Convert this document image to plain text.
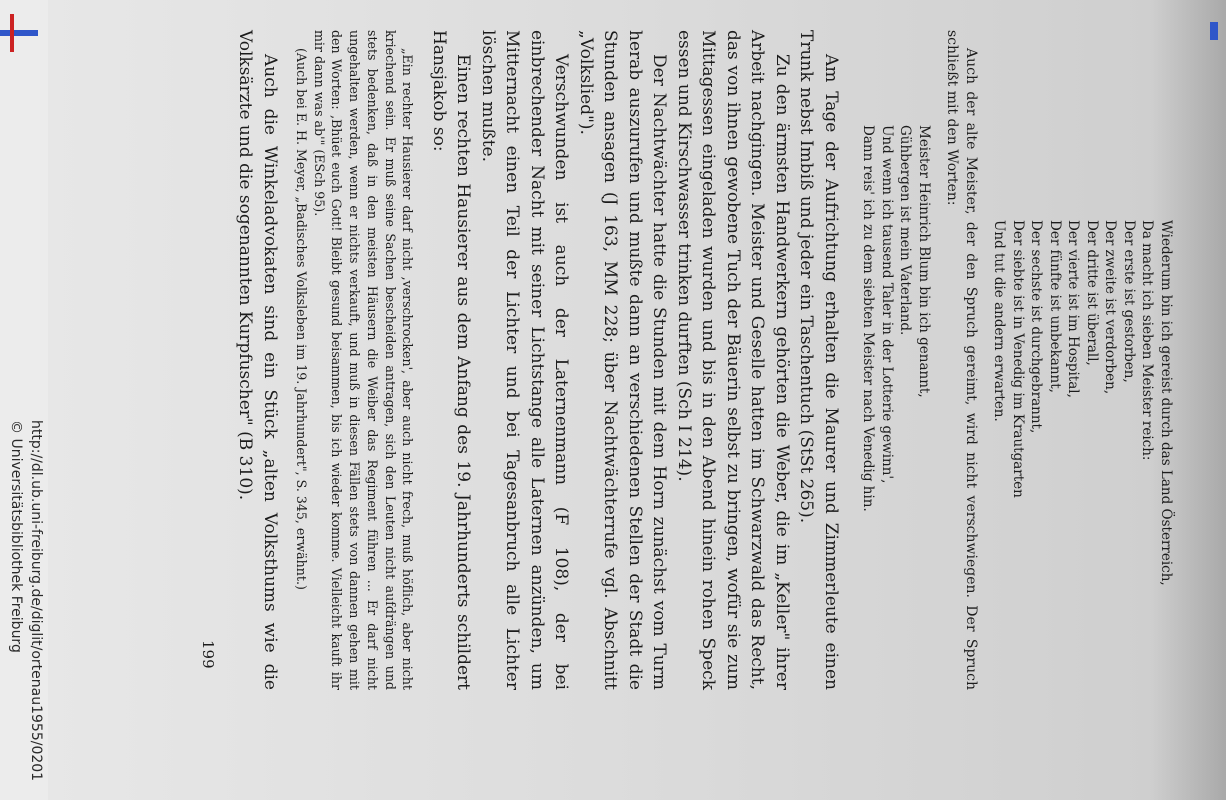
http://dl.ub.uni-freiburg.de/diglit/ortenau1955/0201
© Universitätsbibliothek Freiburg	Wiederum bin ich gereist durch das Land Österreich,
Da macht ich sieben Meister reich:
Der erste ist gestorben,
Der zweite ist verdorben,
Der dritte ist überall,
Der vierte ist im Hospital,
Der fünfte ist unbekannt,
Der sechste ist durchgebrannt,
Der siebte ist in Venedig im Krautgarten
Und tut die andern erwarten.

Auch der alte Meister, der den Spruch gereimt, wird nicht verschwiegen. Der Spruch schließt mit den Worten:

Meister Heinrich Blum bin ich genannt,
Gühbergen ist mein Vaterland.
Und wenn ich tausend Taler in der Lotterie gewinn',
Dann reis' ich zu dem siebten Meister nach Venedig hin.

Am Tage der Aufrichtung erhalten die Maurer und Zimmerleute einen Trunk nebst Imbiß und jeder ein Taschentuch (StSt 265).

Zu den ärmsten Handwerkern gehörten die Weber, die im „Keller" ihrer Arbeit nachgingen. Meister und Geselle hatten im Schwarzwald das Recht, das von ihnen gewobene Tuch der Bäuerin selbst zu bringen, wofür sie zum Mittagessen eingeladen wurden und bis in den Abend hinein rohen Speck essen und Kirschwasser trinken durften (Sch I 214).

Der Nachtwächter hatte die Stunden mit dem Horn zunächst vom Turm herab auszurufen und mußte dann an verschiedenen Stellen der Stadt die Stunden ansagen (J 163, MM 228; über Nachtwächterrufe vgl. Abschnitt „Volkslied").

Verschwunden ist auch der Laternenmann (F 108), der bei einbrechender Nacht mit seiner Lichtstange alle Laternen anzünden, um Mitternacht einen Teil der Lichter und bei Tagesanbruch alle Lichter löschen mußte.

Einen rechten Hausierer aus dem Anfang des 19. Jahrhunderts schildert Hansjakob so:

„Ein rechter Hausierer darf nicht ‚verschrocken', aber auch nicht frech, muß höflich, aber nicht kriechend sein. Er muß seine Sachen bescheiden antragen, sich den Leuten nicht aufdrängen und stets bedenken, daß in den meisten Häusern die Weiber das Regiment führen ... Er darf nicht ungehalten werden, wenn er nichts verkauft, und muß in diesen Fällen stets von dannen gehen mit den Worten: ‚Bhüet euch Gott! Bleibt gesund beisammen, bis ich wieder komme. Vielleicht kauft ihr mir dann was ab'" (ESch 95).

(Auch bei E. H. Meyer, „Badisches Volksleben im 19. Jahrhundert", S. 345, erwähnt.)

Auch die Winkeladvokaten sind ein Stück „alten Volksthums wie die Volksärzte und die sogenannten Kurpfuscher" (B 310).

199
